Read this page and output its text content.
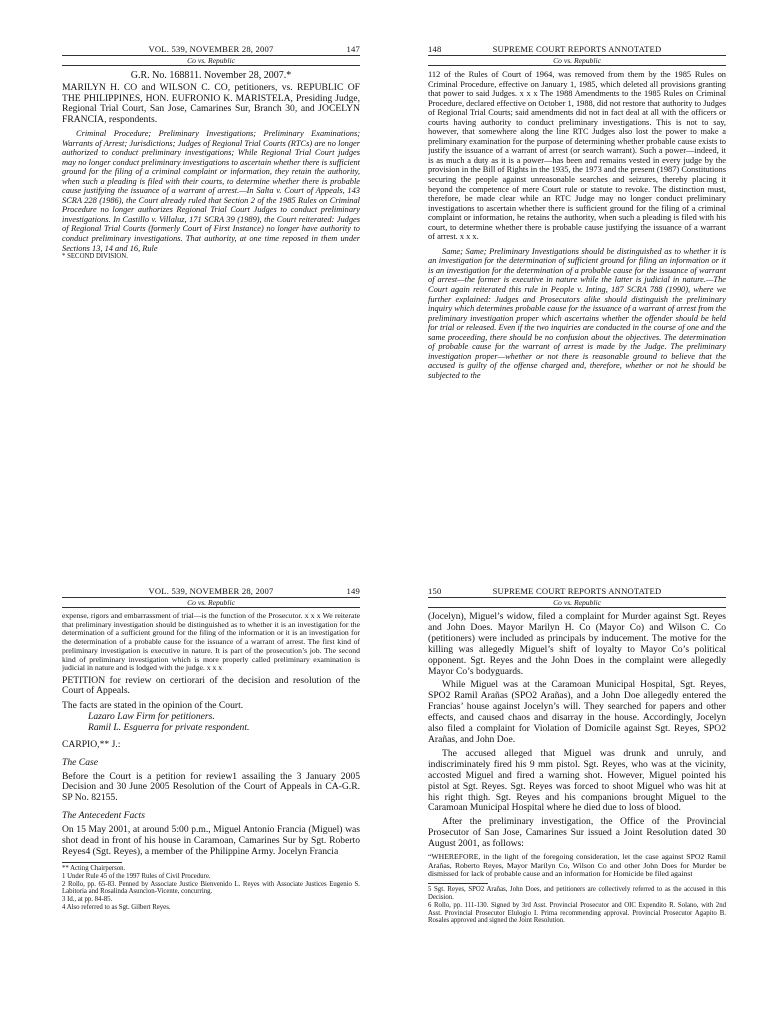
VOL. 539, NOVEMBER 28, 2007	147
Co vs. Republic
G.R. No. 168811. November 28, 2007.*

MARILYN H. CO and WILSON C. CO, petitioners, vs. REPUBLIC OF THE PHILIPPINES, HON. EUFRONIO K. MARISTELA, Presiding Judge, Regional Trial Court, San Jose, Camarines Sur, Branch 30, and JOCELYN FRANCIA, respondents.

Criminal Procedure; Preliminary Investigations; Preliminary Examinations; Warrants of Arrest; Jurisdictions; Judges of Regional Trial Courts (RTCs) are no longer authorized to conduct preliminary investigations; While Regional Trial Court judges may no longer conduct preliminary investigations to ascertain whether there is sufficient ground for the filing of a criminal complaint or information, they retain the authority, when such a pleading is filed with their courts, to determine whether there is probable cause justifying the issuance of a warrant of arrest.—In Salta v. Court of Appeals, 143 SCRA 228 (1986), the Court already ruled that Section 2 of the 1985 Rules on Criminal Procedure no longer authorizes Regional Trial Court Judges to conduct preliminary investigations. In Castillo v. Villaluz, 171 SCRA 39 (1989), the Court reiterated: Judges of Regional Trial Courts (formerly Court of First Instance) no longer have authority to conduct preliminary investigations. That authority, at one time reposed in them under Sections 13, 14 and 16, Rule

* SECOND DIVISION.

148	SUPREME COURT REPORTS ANNOTATED
Co vs. Republic

112 of the Rules of Court of 1964, was removed from them by the 1985 Rules on Criminal Procedure, effective on January 1, 1985, which deleted all provisions granting that power to said Judges. x x x The 1988 Amendments to the 1985 Rules on Criminal Procedure, declared effective on October 1, 1988, did not restore that authority to Judges of Regional Trial Courts; said amendments did not in fact deal at all with the officers or courts having authority to conduct preliminary investigations. This is not to say, however, that somewhere along the line RTC Judges also lost the power to make a preliminary examination for the purpose of determining whether probable cause exists to justify the issuance of a warrant of arrest (or search warrant). Such a power—indeed, it is as much a duty as it is a power—has been and remains vested in every judge by the provision in the Bill of Rights in the 1935, the 1973 and the present (1987) Constitutions securing the people against unreasonable searches and seizures, thereby placing it beyond the competence of mere Court rule or statute to revoke. The distinction must, therefore, be made clear while an RTC Judge may no longer conduct preliminary investigations to ascertain whether there is sufficient ground for the filing of a criminal complaint or information, he retains the authority, when such a pleading is filed with his court, to determine whether there is probable cause justifying the issuance of a warrant of arrest. x x x.

Same; Same; Preliminary Investigations should be distinguished as to whether it is an investigation for the determination of sufficient ground for filing an information or it is an investigation for the determination of a probable cause for the issuance of warrant of arrest—the former is executive in nature while the latter is judicial in nature.—The Court again reiterated this rule in People v. Inting, 187 SCRA 788 (1990), where we further explained: Judges and Prosecutors alike should distinguish the preliminary inquiry which determines probable cause for the issuance of a warrant of arrest from the preliminary investigation proper which ascertains whether the offender should be held for trial or released. Even if the two inquiries are conducted in the course of one and the same proceeding, there should be no confusion about the objectives. The determination of probable cause for the warrant of arrest is made by the Judge. The preliminary investigation proper—whether or not there is reasonable ground to believe that the accused is guilty of the offense charged and, therefore, whether or not he should be subjected to the

VOL. 539, NOVEMBER 28, 2007	149
Co vs. Republic

expense, rigors and embarrassment of trial—is the function of the Prosecutor. x x x We reiterate that preliminary investigation should be distinguished as to whether it is an investigation for the determination of a sufficient ground for the filing of the information or it is an investigation for the determination of a probable cause for the issuance of a warrant of arrest. The first kind of preliminary investigation is executive in nature. It is part of the prosecution’s job. The second kind of preliminary investigation which is more properly called preliminary examination is judicial in nature and is lodged with the judge. x x x

PETITION for review on certiorari of the decision and resolution of the Court of Appeals.

The facts are stated in the opinion of the Court.

Lazaro Law Firm for petitioners.

Ramil L. Esguerra for private respondent.

CARPIO,** J.:

The Case

Before the Court is a petition for review1 assailing the 3 January 2005 Decision and 30 June 2005 Resolution of the Court of Appeals in CA-G.R. SP No. 82155.

The Antecedent Facts

On 15 May 2001, at around 5:00 p.m., Miguel Antonio Francia (Miguel) was shot dead in front of his house in Caramoan, Camarines Sur by Sgt. Roberto Reyes4 (Sgt. Reyes), a member of the Philippine Army. Jocelyn Francia

** Acting Chairperson.

1 Under Rule 45 of the 1997 Rules of Civil Procedure.

2 Rollo, pp. 65-83. Penned by Associate Justice Bienvenido L. Reyes with Associate Justices Eugenio S. Labitoria and Rosalinda Asuncion-Vicente, concurring.

3 Id., at pp. 84-85.

4 Also referred to as Sgt. Gilbert Reyes.

150	SUPREME COURT REPORTS ANNOTATED
Co vs. Republic

(Jocelyn), Miguel’s widow, filed a complaint for Murder against Sgt. Reyes and John Does. Mayor Marilyn H. Co (Mayor Co) and Wilson C. Co (petitioners) were included as principals by inducement. The motive for the killing was allegedly Miguel’s shift of loyalty to Mayor Co’s political opponent. Sgt. Reyes and the John Does in the complaint were allegedly Mayor Co’s bodyguards.

While Miguel was at the Caramoan Municipal Hospital, Sgt. Reyes, SPO2 Ramil Arañas (SPO2 Arañas), and a John Doe allegedly entered the Francias’ house against Jocelyn’s will. They searched for papers and other effects, and caused chaos and disarray in the house. Accordingly, Jocelyn also filed a complaint for Violation of Domicile against Sgt. Reyes, SPO2 Arañas, and John Doe.

The accused alleged that Miguel was drunk and unruly, and indiscriminately fired his 9 mm pistol. Sgt. Reyes, who was at the vicinity, accosted Miguel and fired a warning shot. However, Miguel pointed his pistol at Sgt. Reyes. Sgt. Reyes was forced to shoot Miguel who was hit at his right thigh. Sgt. Reyes and his companions brought Miguel to the Caramoan Municipal Hospital where he died due to loss of blood.

After the preliminary investigation, the Office of the Provincial Prosecutor of San Jose, Camarines Sur issued a Joint Resolution dated 30 August 2001, as follows:

“WHEREFORE, in the light of the foregoing consideration, let the case against SPO2 Ramil Arañas, Roberto Reyes, Mayor Marilyn Co, Wilson Co and other John Does for Murder be dismissed for lack of probable cause and an information for Homicide be filed against

5 Sgt. Reyes, SPO2 Arañas, John Does, and petitioners are collectively referred to as the accused in this Decision.

6 Rollo, pp. 111-130. Signed by 3rd Asst. Provincial Prosecutor and OIC Expendito R. Solano, with 2nd Asst. Provincial Prosecutor Elulogio I. Prima recommending approval. Provincial Prosecutor Agapito B. Rosales approved and signed the Joint Resolution.
